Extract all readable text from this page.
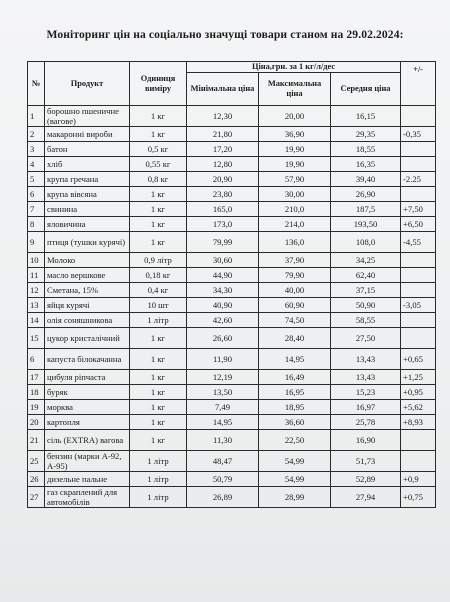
Моніторинг цін на соціально значущі товари станом на 29.02.2024:
№	Продукт	Одиниця виміру	Ціна,грн. за 1 кг/л/дес			+/-
			Мінімальна ціна	Максимальна ціна	Середня ціна	
1	борошно пшеничне (вагове)	1 кг	12,30	20,00	16,15	
2	макаронні вироби	1 кг	21,80	36,90	29,35	-0,35
3	батон	0,5 кг	17,20	19,90	18,55	
4	хліб	0,55 кг	12,80	19,90	16,35	
5	крупа гречана	0,8 кг	20,90	57,90	39,40	-2.25
6	крупа вівсяна	1 кг	23,80	30,00	26,90	
7	свинина	1 кг	165,0	210,0	187,5	+7,50
8	яловичина	1 кг	173,0	214,0	193,50	+6,50
9	птиця (тушки курячі)	1 кг	79,99	136,0	108,0	-4,55
10	Молоко	0,9 літр	30,60	37,90	34,25	
11	масло вершкове	0,18 кг	44,90	79,90	62,40	
12	Сметана, 15%	0,4 кг	34,30	40,00	37,15	
13	яйця курячі	10 шт	40,90	60,90	50,90	-3,05
14	олія соняшникова	1 літр	42,60	74,50	58,55	
15	цукор кристалічний	1 кг	26,60	28,40	27,50	
6	капуста білокачанна	1 кг	11,90	14,95	13,43	+0,65
17	цибуля ріпчаста	1 кг	12,19	16,49	13,43	+1,25
18	буряк	1 кг	13,50	16,95	15,23	+0,95
19	морква	1 кг	7,49	18,95	16,97	+5,62
20	картопля	1 кг	14,95	36,60	25,78	+8,93
21	сіль (EXTRA) вагова	1 кг	11,30	22,50	16,90	
25	бензин (марки А-92, А-95)	1 літр	48,47	54,99	51,73	
26	дизельне пальне	1 літр	50,79	54,99	52,89	+0,9
27	газ скраплений для автомобілів	1 літр	26,89	28,99	27,94	+0,75
